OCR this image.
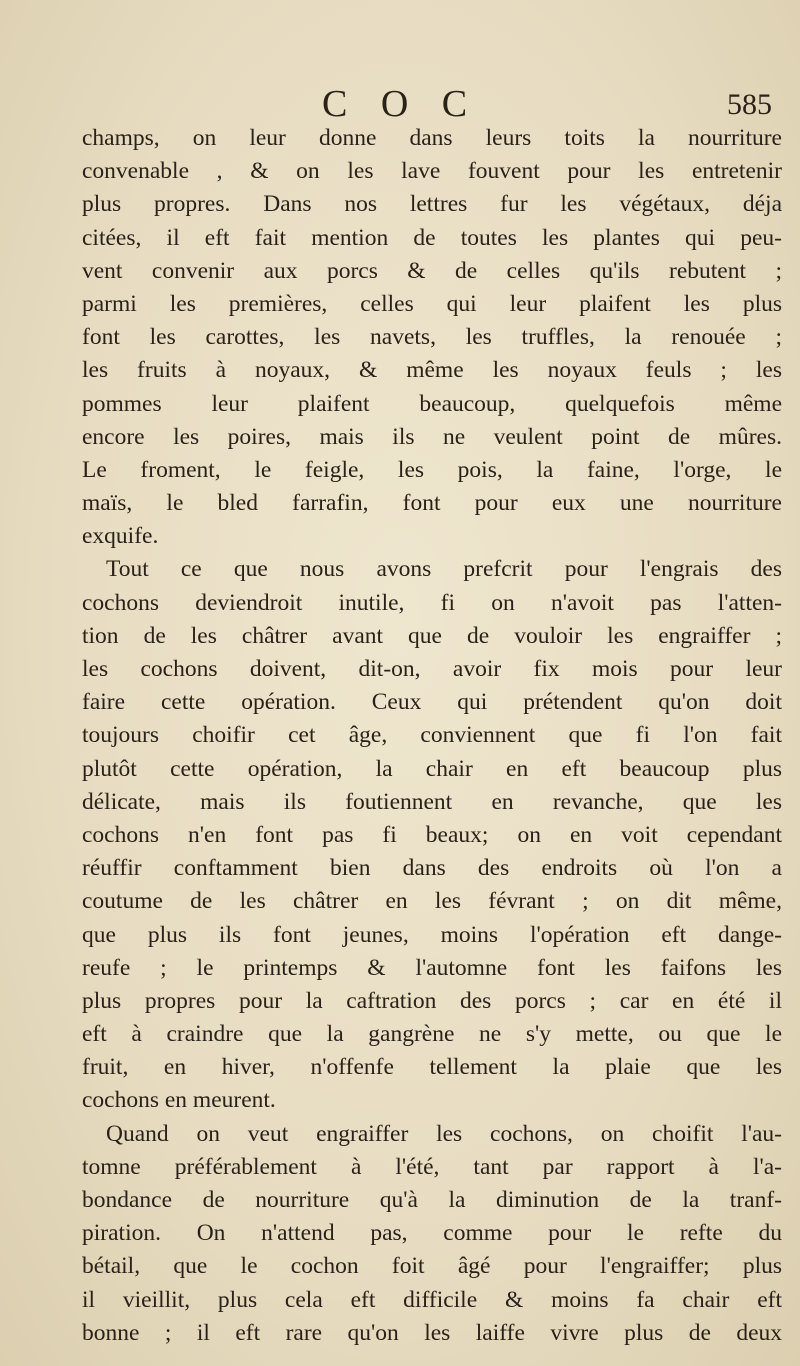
C O C	585
champs, on leur donne dans leurs toits la nourriture
convenable , & on les lave fouvent pour les entretenir
plus propres. Dans nos lettres fur les végétaux, déja
citées, il eft fait mention de toutes les plantes qui peu-
vent convenir aux porcs & de celles qu'ils rebutent ;
parmi les premières, celles qui leur plaifent les plus
font les carottes, les navets, les truffles, la renouée ;
les fruits à noyaux, & même les noyaux feuls ; les
pommes leur plaifent beaucoup, quelquefois même
encore les poires, mais ils ne veulent point de mûres.
Le froment, le feigle, les pois, la faine, l'orge, le
maïs, le bled farrafin, font pour eux une nourriture
exquife.
Tout ce que nous avons prefcrit pour l'engrais des
cochons deviendroit inutile, fi on n'avoit pas l'atten-
tion de les châtrer avant que de vouloir les engraiffer ;
les cochons doivent, dit-on, avoir fix mois pour leur
faire cette opération. Ceux qui prétendent qu'on doit
toujours choifir cet âge, conviennent que fi l'on fait
plutôt cette opération, la chair en eft beaucoup plus
délicate, mais ils foutiennent en revanche, que les
cochons n'en font pas fi beaux; on en voit cependant
réuffir conftamment bien dans des endroits où l'on a
coutume de les châtrer en les févrant ; on dit même,
que plus ils font jeunes, moins l'opération eft dange-
reufe ; le printemps & l'automne font les faifons les
plus propres pour la caftration des porcs ; car en été il
eft à craindre que la gangrène ne s'y mette, ou que le
fruit, en hiver, n'offenfe tellement la plaie que les
cochons en meurent.
Quand on veut engraiffer les cochons, on choifit l'au-
tomne préférablement à l'été, tant par rapport à l'a-
bondance de nourriture qu'à la diminution de la tranf-
piration. On n'attend pas, comme pour le refte du
bétail, que le cochon foit âgé pour l'engraiffer; plus
il vieillit, plus cela eft difficile & moins fa chair eft
bonne ; il eft rare qu'on les laiffe vivre plus de deux
